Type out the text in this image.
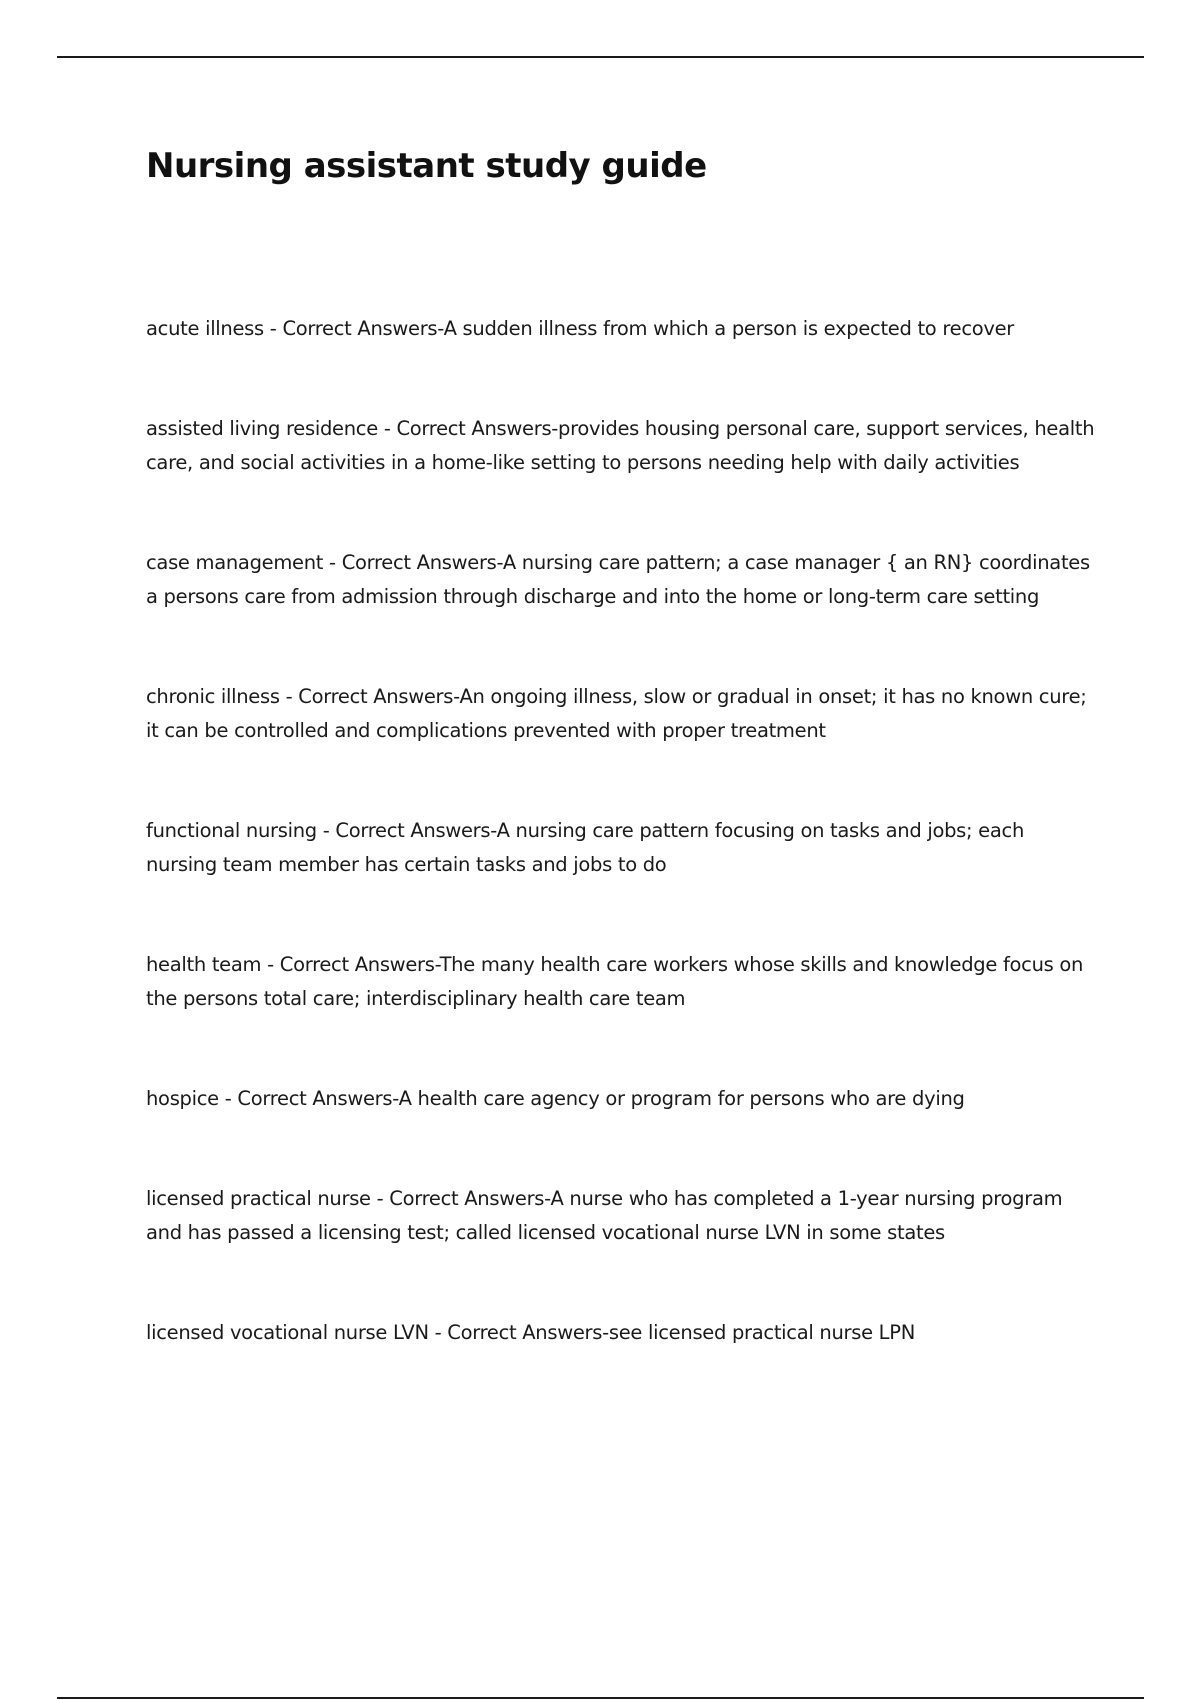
Nursing assistant study guide

acute illness - Correct Answers-A sudden illness from which a person is expected to recover

assisted living residence - Correct Answers-provides housing personal care, support services, health care, and social activities in a home-like setting to persons needing help with daily activities

case management - Correct Answers-A nursing care pattern; a case manager { an RN} coordinates a persons care from admission through discharge and into the home or long-term care setting

chronic illness - Correct Answers-An ongoing illness, slow or gradual in onset; it has no known cure; it can be controlled and complications prevented with proper treatment

functional nursing - Correct Answers-A nursing care pattern focusing on tasks and jobs; each nursing team member has certain tasks and jobs to do

health team - Correct Answers-The many health care workers whose skills and knowledge focus on the persons total care; interdisciplinary health care team

hospice - Correct Answers-A health care agency or program for persons who are dying

licensed practical nurse - Correct Answers-A nurse who has completed a 1-year nursing program and has passed a licensing test; called licensed vocational nurse LVN in some states

licensed vocational nurse LVN - Correct Answers-see licensed practical nurse LPN
